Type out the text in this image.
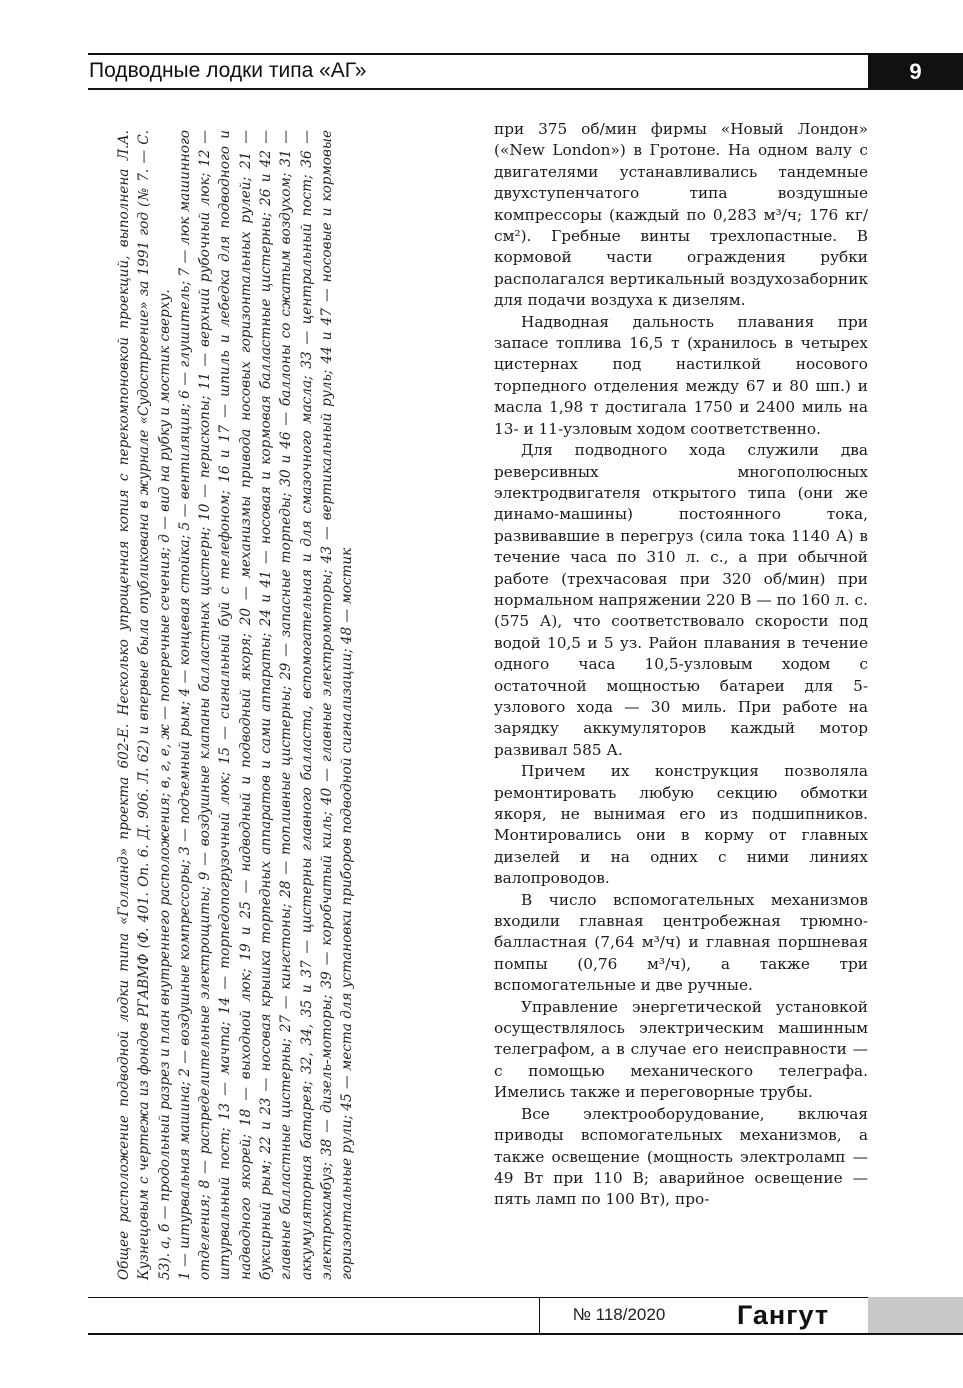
Подводные лодки типа «АГ»	9

Общее расположение подводной лодки типа «Голланд» проекта 602-Е. Несколько упрощенная копия с перекомпоновкой проекций, выполнена Л.А. Кузнецовым с чертежа из фондов РГАВМФ (Ф. 401. Оп. 6. Д. 906. Л. 62) и впервые была опубликована в журнале «Судостроение» за 1991 год (№ 7. — С. 53). а, б — продольный разрез и план внутреннего расположения; в, г, е, ж — поперечные сечения; д — вид на рубку и мостик сверху. 1 — штурвальная машина; 2 — воздушные компрессоры; 3 — подъемный рым; 4 — концевая стойка; 5 — вентиляция; 6 — глушитель; 7 — люк машинного отделения; 8 — распределительные электрощиты; 9 — воздушные клапаны балластных цистерн; 10 — перископы; 11 — верхний рубочный люк; 12 — штурвальный пост; 13 — мачта; 14 — торпедопогрузочный люк; 15 — сигнальный буй с телефоном; 16 и 17 — шпиль и лебедка для подводного и надводного якорей; 18 — выходной люк; 19 и 25 — надводный и подводный якоря; 20 — механизмы привода носовых горизонтальных рулей; 21 — буксирный рым; 22 и 23 — носовая крышка торпедных аппаратов и сами аппараты; 24 и 41 — носовая и кормовая балластные цистерны; 26 и 42 — главные балластные цистерны; 27 — кингстоны; 28 — топливные цистерны; 29 — запасные торпеды; 30 и 46 — баллоны со сжатым воздухом; 31 — аккумуляторная батарея; 32, 34, 35 и 37 — цистерны главного балласта, вспомогательная и для смазочного масла; 33 — центральный пост; 36 — электрокамбуз; 38 — дизель-моторы; 39 — коробчатый киль; 40 — главные электромоторы; 43 — вертикальный руль; 44 и 47 — носовые и кормовые горизонтальные рули; 45 — места для установки приборов подводной сигнализации; 48 — мостик

при 375 об/мин фирмы «Новый Лондон» («New London») в Гротоне. На одном валу с двигателями устанавливались тандемные двухступенчатого типа воздушные компрессоры (каждый по 0,283 м³/ч; 176 кг/см²). Гребные винты трехлопастные. В кормовой части ограждения рубки располагался вертикальный воздухозаборник для подачи воздуха к дизелям.

Надводная дальность плавания при запасе топлива 16,5 т (хранилось в четырех цистернах под настилкой носового торпедного отделения между 67 и 80 шп.) и масла 1,98 т достигала 1750 и 2400 миль на 13- и 11-узловым ходом соответственно.

Для подводного хода служили два реверсивных многополюсных электродвигателя открытого типа (они же динамо-машины) постоянного тока, развивавшие в перегруз (сила тока 1140 А) в течение часа по 310 л. с., а при обычной работе (трехчасовая при 320 об/мин) при нормальном напряжении 220 В — по 160 л. с. (575 А), что соответствовало скорости под водой 10,5 и 5 уз. Район плавания в течение одного часа 10,5-узловым ходом с остаточной мощностью батареи для 5-узлового хода — 30 миль. При работе на зарядку аккумуляторов каждый мотор развивал 585 А.

Причем их конструкция позволяла ремонтировать любую секцию обмотки якоря, не вынимая его из подшипников. Монтировались они в корму от главных дизелей и на одних с ними линиях валопроводов.

В число вспомогательных механизмов входили главная центробежная трюмно-балластная (7,64 м³/ч) и главная поршневая помпы (0,76 м³/ч), а также три вспомогательные и две ручные.

Управление энергетической установкой осуществлялось электрическим машинным телеграфом, а в случае его неисправности — с помощью механического телеграфа. Имелись также и переговорные трубы.

Все электрооборудование, включая приводы вспомогательных механизмов, а также освещение (мощность электроламп — 49 Вт при 110 В; аварийное освещение — пять ламп по 100 Вт), про-

№ 118/2020	Гангут
